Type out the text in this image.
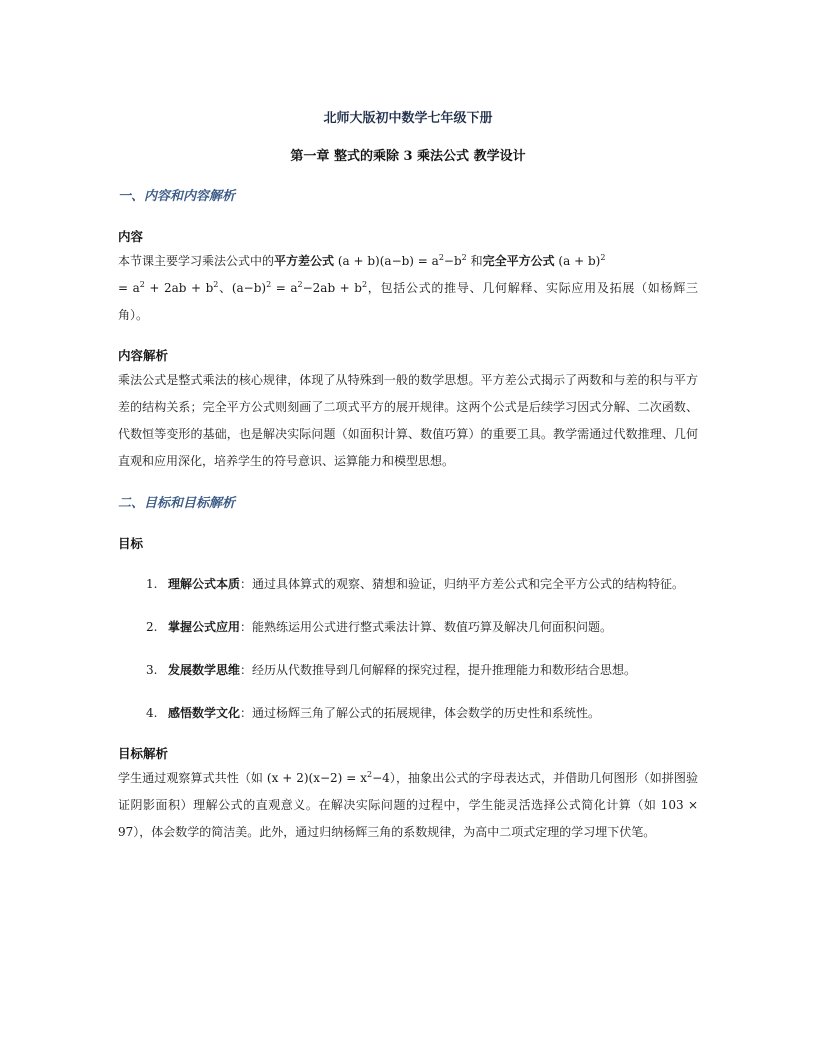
北师大版初中数学七年级下册
第一章 整式的乘除 3 乘法公式 教学设计
一、内容和内容解析
内容

本节课主要学习乘法公式中的平方差公式 $(a + b)(a-b) = a^2-b^2$ 和完全平方公式 $(a + b)^2$
= $a^2 + 2ab + b^2$、$(a-b)^2 = a^2-2ab + b^2$，包括公式的推导、几何解释、实际应用及拓展（如杨辉三角）。

内容解析

乘法公式是整式乘法的核心规律，体现了从特殊到一般的数学思想。平方差公式揭示了两数和与差的积与平方差的结构关系；完全平方公式则刻画了二项式平方的展开规律。这两个公式是后续学习因式分解、二次函数、代数恒等变形的基础，也是解决实际问题（如面积计算、数值巧算）的重要工具。教学需通过代数推理、几何直观和应用深化，培养学生的符号意识、运算能力和模型思想。

二、目标和目标解析
目标
1. 理解公式本质：通过具体算式的观察、猜想和验证，归纳平方差公式和完全平方公式的结构特征。
2. 掌握公式应用：能熟练运用公式进行整式乘法计算、数值巧算及解决几何面积问题。
3. 发展数学思维：经历从代数推导到几何解释的探究过程，提升推理能力和数形结合思想。
4. 感悟数学文化：通过杨辉三角了解公式的拓展规律，体会数学的历史性和系统性。
目标解析

学生通过观察算式共性（如 $(x + 2)(x-2) = x^2-4$），抽象出公式的字母表达式，并借助几何图形（如拼图验证阴影面积）理解公式的直观意义。在解决实际问题的过程中，学生能灵活选择公式简化计算（如 103 × 97），体会数学的简洁美。此外，通过归纳杨辉三角的系数规律，为高中二项式定理的学习埋下伏笔。
